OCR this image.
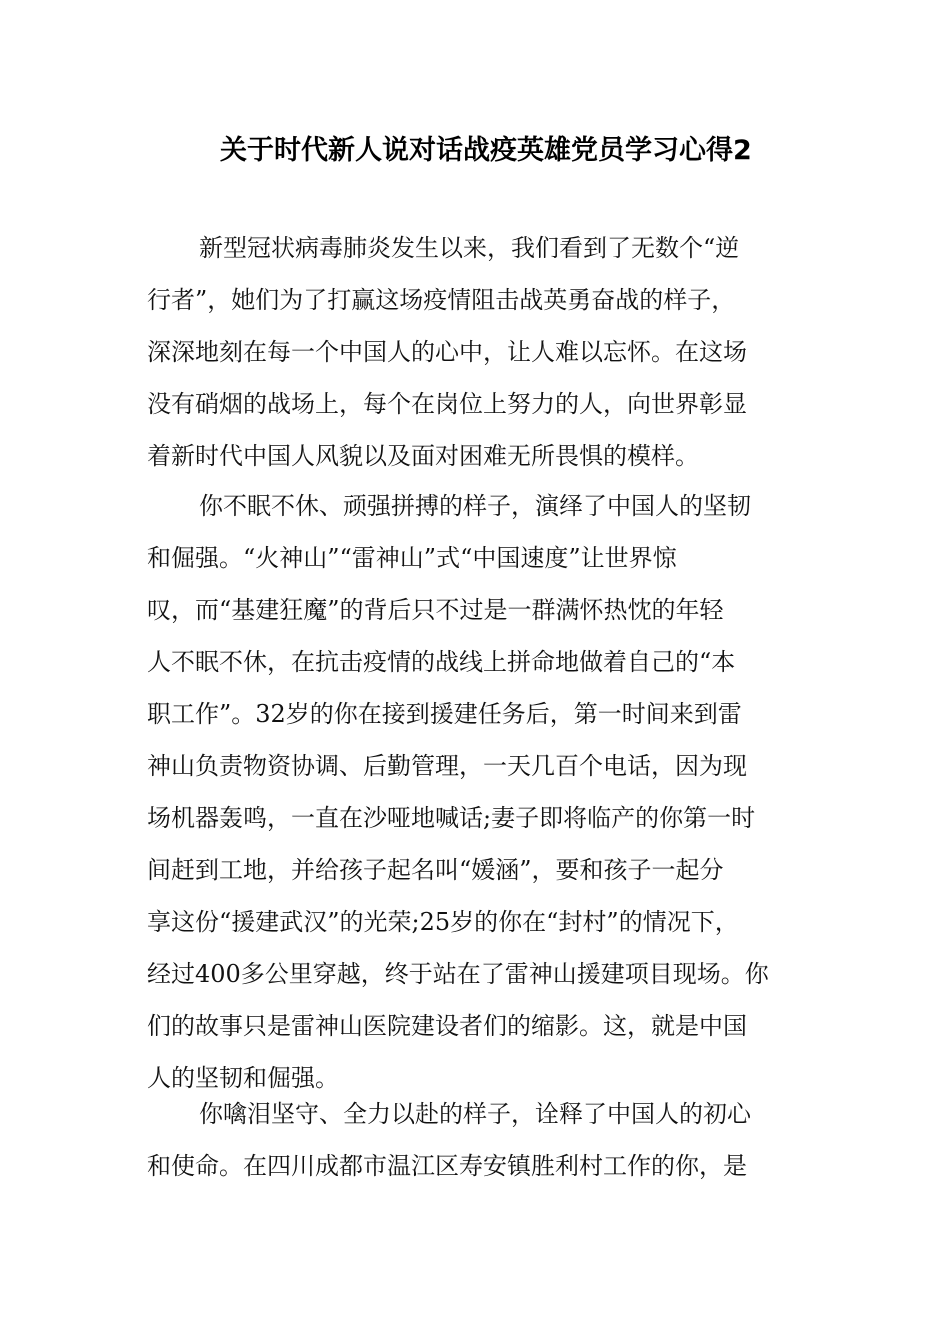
关于时代新人说对话战疫英雄党员学习心得2
新型冠状病毒肺炎发生以来，我们看到了无数个“逆
行者”，她们为了打赢这场疫情阻击战英勇奋战的样子，
深深地刻在每一个中国人的心中，让人难以忘怀。在这场
没有硝烟的战场上，每个在岗位上努力的人，向世界彰显
着新时代中国人风貌以及面对困难无所畏惧的模样。
你不眠不休、顽强拼搏的样子，演绎了中国人的坚韧
和倔强。“火神山”“雷神山”式“中国速度”让世界惊
叹，而“基建狂魔”的背后只不过是一群满怀热忱的年轻
人不眠不休，在抗击疫情的战线上拼命地做着自己的“本
职工作”。32岁的你在接到援建任务后，第一时间来到雷
神山负责物资协调、后勤管理，一天几百个电话，因为现
场机器轰鸣，一直在沙哑地喊话;妻子即将临产的你第一时
间赶到工地，并给孩子起名叫“媛涵”，要和孩子一起分
享这份“援建武汉”的光荣;25岁的你在“封村”的情况下，
经过400多公里穿越，终于站在了雷神山援建项目现场。你
们的故事只是雷神山医院建设者们的缩影。这，就是中国
人的坚韧和倔强。
你噙泪坚守、全力以赴的样子，诠释了中国人的初心
和使命。在四川成都市温江区寿安镇胜利村工作的你，是
